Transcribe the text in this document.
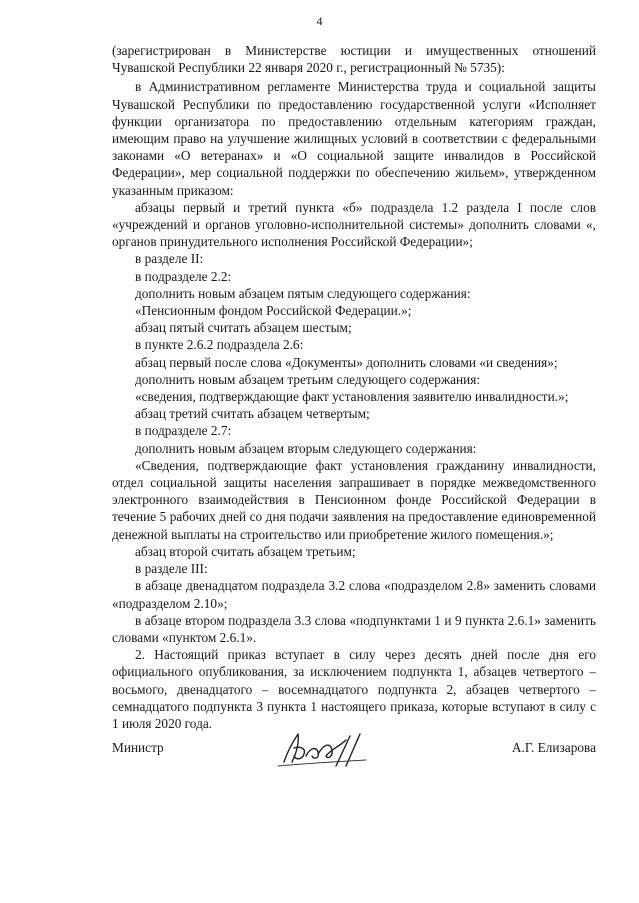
4

(зарегистрирован в Министерстве юстиции и имущественных отношений Чувашской Республики 22 января 2020 г., регистрационный № 5735):

в Административном регламенте Министерства труда и социальной защиты Чувашской Республики по предоставлению государственной услуги «Исполняет функции организатора по предоставлению отдельным категориям граждан, имеющим право на улучшение жилищных условий в соответствии с федеральными законами «О ветеранах» и «О социальной защите инвалидов в Российской Федерации», мер социальной поддержки по обеспечению жильем», утвержденном указанным приказом:

абзацы первый и третий пункта «б» подраздела 1.2 раздела I после слов «учреждений и органов уголовно-исполнительной системы» дополнить словами «, органов принудительного исполнения Российской Федерации»;

в разделе II:

в подразделе 2.2:

дополнить новым абзацем пятым следующего содержания:

«Пенсионным фондом Российской Федерации.»;

абзац пятый считать абзацем шестым;

в пункте 2.6.2 подраздела 2.6:

абзац первый после слова «Документы» дополнить словами «и сведения»;

дополнить новым абзацем третьим следующего содержания:

«сведения, подтверждающие факт установления заявителю инвалидности.»;

абзац третий считать абзацем четвертым;

в подразделе 2.7:

дополнить новым абзацем вторым следующего содержания:

«Сведения, подтверждающие факт установления гражданину инвалидности, отдел социальной защиты населения запрашивает в порядке межведомственного электронного взаимодействия в Пенсионном фонде Российской Федерации в течение 5 рабочих дней со дня подачи заявления на предоставление единовременной денежной выплаты на строительство или приобретение жилого помещения.»;

абзац второй считать абзацем третьим;

в разделе III:

в абзаце двенадцатом подраздела 3.2 слова «подразделом 2.8» заменить словами «подразделом 2.10»;

в абзаце втором подраздела 3.3 слова «подпунктами 1 и 9 пункта 2.6.1» заменить словами «пунктом 2.6.1».

2. Настоящий приказ вступает в силу через десять дней после дня его официального опубликования, за исключением подпункта 1, абзацев четвертого – восьмого, двенадцатого – восемнадцатого подпункта 2, абзацев четвертого – семнадцатого подпункта 3 пункта 1 настоящего приказа, которые вступают в силу с 1 июля 2020 года.

Министр	А.Г. Елизарова
